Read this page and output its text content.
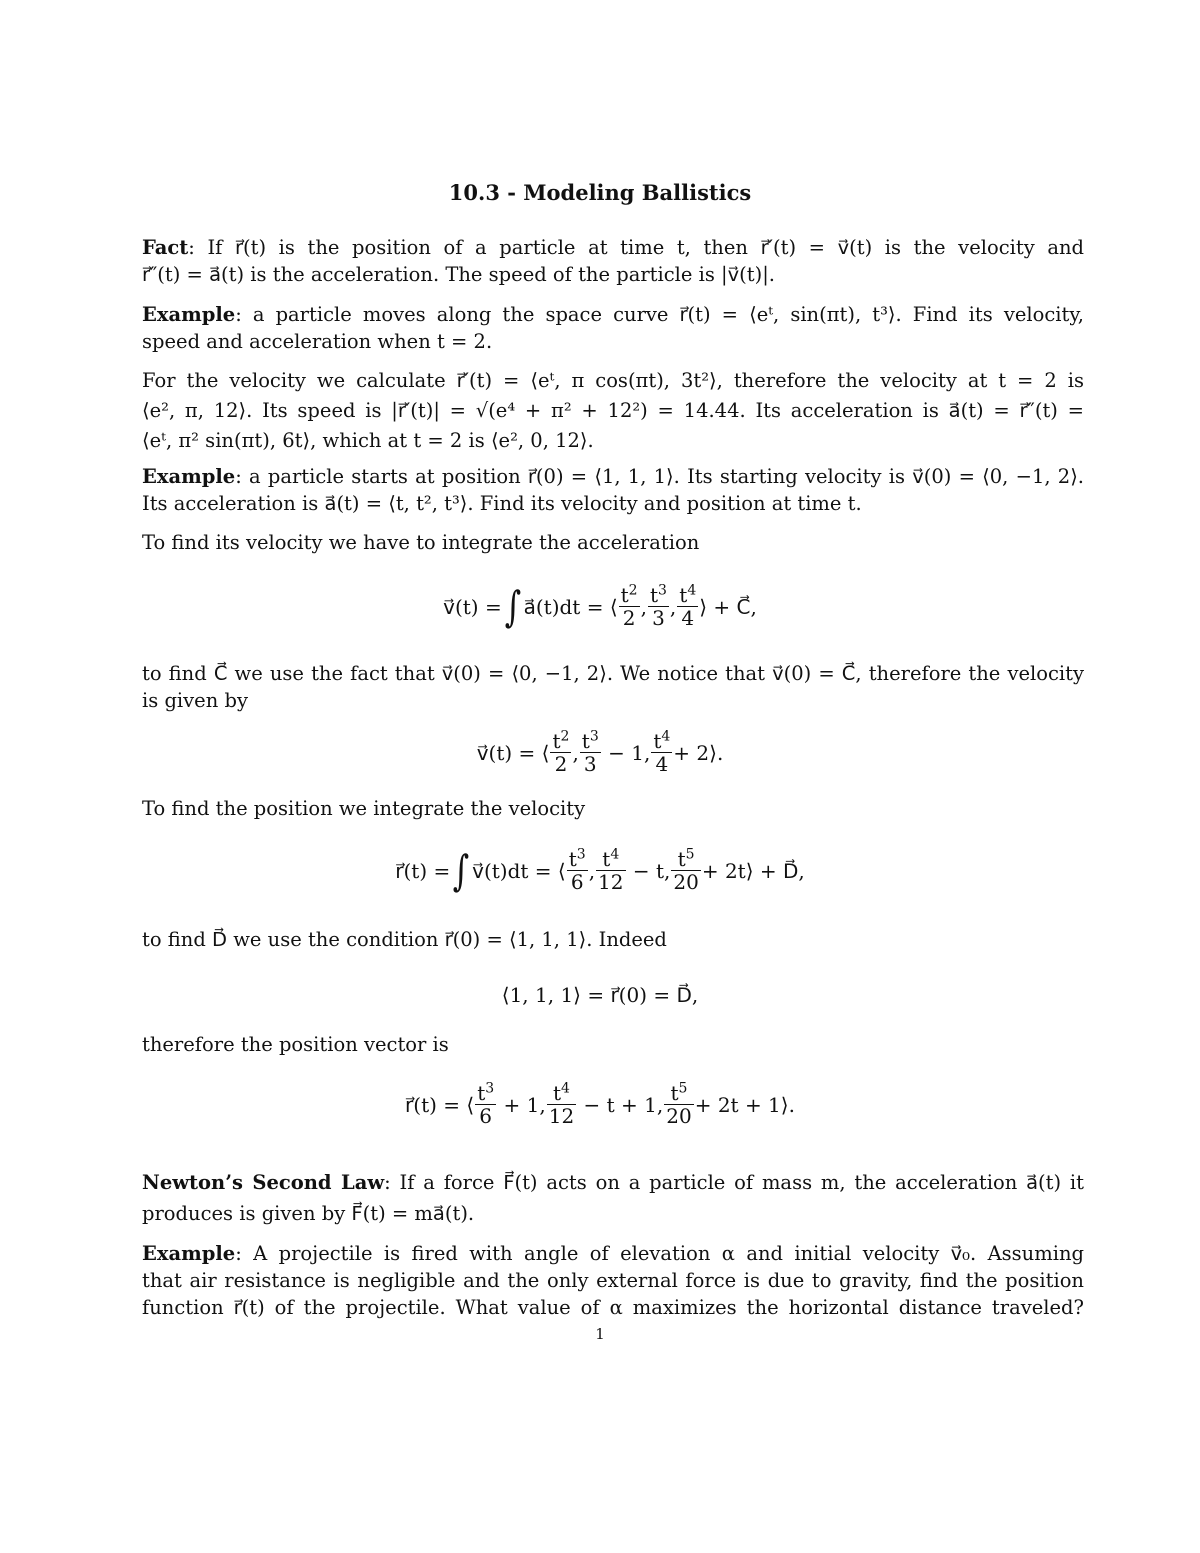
10.3 - Modeling Ballistics
Fact: If r⃗(t) is the position of a particle at time t, then r⃗′(t) = v⃗(t) is the velocity and
r⃗″(t) = a⃗(t) is the acceleration. The speed of the particle is |v⃗(t)|.
Example: a particle moves along the space curve r⃗(t) = ⟨eᵗ, sin(πt), t³⟩. Find its velocity,
speed and acceleration when t = 2.
For the velocity we calculate r⃗′(t) = ⟨eᵗ, π cos(πt), 3t²⟩, therefore the velocity at t = 2 is
⟨e², π, 12⟩. Its speed is |r⃗′(t)| = √(e⁴ + π² + 12²) = 14.44. Its acceleration is a⃗(t) = r⃗″(t) =
⟨eᵗ, π² sin(πt), 6t⟩, which at t = 2 is ⟨e², 0, 12⟩.
Example: a particle starts at position r⃗(0) = ⟨1, 1, 1⟩. Its starting velocity is v⃗(0) = ⟨0, −1, 2⟩.
Its acceleration is a⃗(t) = ⟨t, t², t³⟩. Find its velocity and position at time t.
To find its velocity we have to integrate the acceleration
v⃗(t) =∫ a⃗(t)dt = ⟨ $\frac{t^2}{2}$ , $\frac{t^3}{3}$ , $\frac{t^4}{4}$ ⟩ + C⃗,
to find C⃗ we use the fact that v⃗(0) = ⟨0, −1, 2⟩. We notice that v⃗(0) = C⃗, therefore the velocity
is given by
v⃗(t) = ⟨ $\frac{t^2}{2}$ , $\frac{t^3}{3} - 1$, $\frac{t^4}{4}$ + 2⟩.
To find the position we integrate the velocity
r⃗(t) =∫ v⃗(t)dt = ⟨ $\frac{t^3}{6}$ , $\frac{t^4}{12} - t$, $\frac{t^5}{20}$ + 2t⟩ + D⃗,
to find D⃗ we use the condition r⃗(0) = ⟨1, 1, 1⟩. Indeed
⟨1, 1, 1⟩ = r⃗(0) = D⃗,
therefore the position vector is
r⃗(t) = ⟨ $\frac{t^3}{6} + 1$, $\frac{t^4}{12} - t + 1$, $\frac{t^5}{20} + 2t$ + 1⟩.
Newton’s Second Law: If a force F⃗(t) acts on a particle of mass m, the acceleration a⃗(t) it
produces is given by F⃗(t) = ma⃗(t).
Example: A projectile is fired with angle of elevation α and initial velocity v⃗₀. Assuming
that air resistance is negligible and the only external force is due to gravity, find the position
function r⃗(t) of the projectile. What value of α maximizes the horizontal distance traveled?
1
